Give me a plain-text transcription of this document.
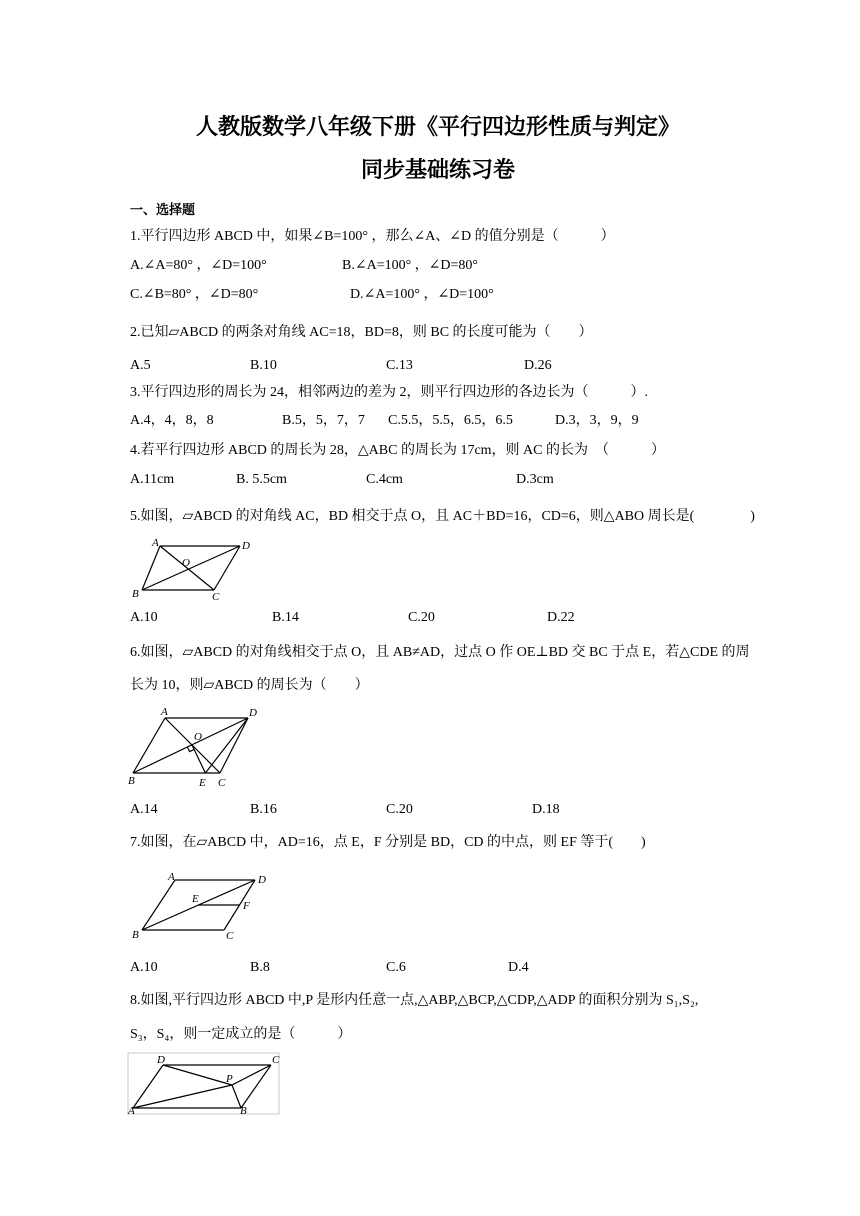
人教版数学八年级下册《平行四边形性质与判定》
同步基础练习卷
一、选择题
1.平行四边形 ABCD 中，如果∠B=100° ，那么∠A、∠D 的值分别是（　　　）
A.∠A=80° ，∠D=100°	B.∠A=100° ，∠D=80°
C.∠B=80° ，∠D=80°	D.∠A=100° ，∠D=100°
2.已知▱ABCD 的两条对角线 AC=18，BD=8，则 BC 的长度可能为（　　）
A.5	B.10	C.13	D.26
3.平行四边形的周长为 24，相邻两边的差为 2，则平行四边形的各边长为（　　　）.
A.4，4，8，8	B.5，5，7，7 C.5.5，5.5，6.5，6.5	D.3，3，9，9
4.若平行四边形 ABCD 的周长为 28，△ABC 的周长为 17cm，则 AC 的长为　（　　　）
A.11cm	B. 5.5cm	C.4cm	D.3cm
5.如图，▱ABCD 的对角线 AC，BD 相交于点 O，且 AC＋BD=16，CD=6，则△ABO 周长是(　　　　)
A	D
O
B	C
A.10	B.14	C.20	D.22
6.如图，▱ABCD 的对角线相交于点 O，且 AB≠AD，过点 O 作 OE⊥BD 交 BC 于点 E，若△CDE 的周
长为 10，则▱ABCD 的周长为（　　）
A	D
O
B	E C
A.14	B.16	C.20	D.18
7.如图，在▱ABCD 中，AD=16，点 E，F 分别是 BD，CD 的中点，则 EF 等于(　　)
A	D
E
F
B	C
A.10	B.8	C.6	D.4
8.如图,平行四边形 ABCD 中,P 是形内任意一点,△ABP,△BCP,△CDP,△ADP 的面积分别为 S₁,S₂,
S₃，S₄，则一定成立的是（　　　）
D	C
P
A	B
